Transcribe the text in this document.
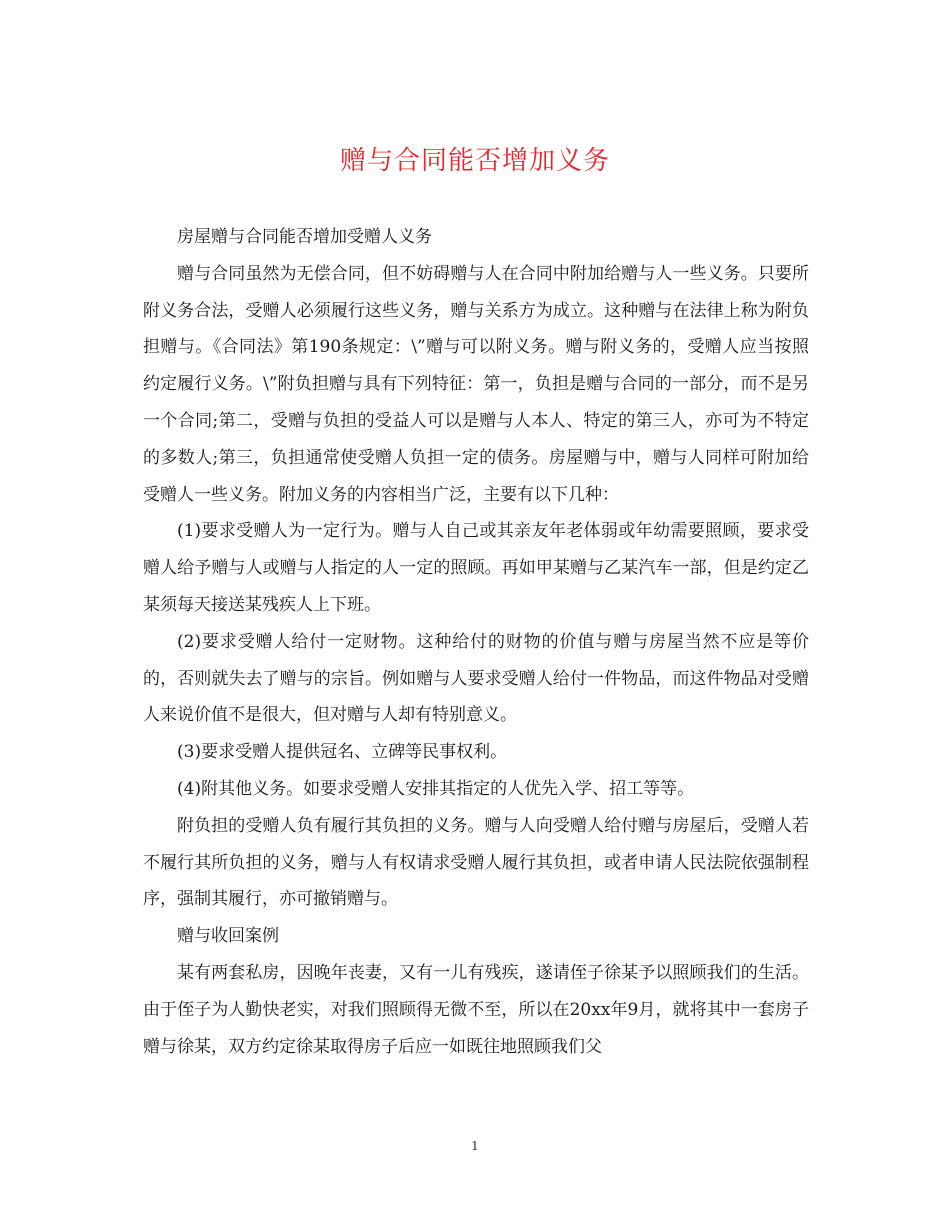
赠与合同能否增加义务

房屋赠与合同能否增加受赠人义务

赠与合同虽然为无偿合同，但不妨碍赠与人在合同中附加给赠与人一些义务。只要所附义务合法，受赠人必须履行这些义务，赠与关系方为成立。这种赠与在法律上称为附负担赠与。《合同法》第190条规定：\”赠与可以附义务。赠与附义务的，受赠人应当按照约定履行义务。\”附负担赠与具有下列特征：第一，负担是赠与合同的一部分，而不是另一个合同;第二，受赠与负担的受益人可以是赠与人本人、特定的第三人，亦可为不特定的多数人;第三，负担通常使受赠人负担一定的债务。房屋赠与中，赠与人同样可附加给受赠人一些义务。附加义务的内容相当广泛，主要有以下几种：

(1)要求受赠人为一定行为。赠与人自己或其亲友年老体弱或年幼需要照顾，要求受赠人给予赠与人或赠与人指定的人一定的照顾。再如甲某赠与乙某汽车一部，但是约定乙某须每天接送某残疾人上下班。

(2)要求受赠人给付一定财物。这种给付的财物的价值与赠与房屋当然不应是等价的，否则就失去了赠与的宗旨。例如赠与人要求受赠人给付一件物品，而这件物品对受赠人来说价值不是很大，但对赠与人却有特别意义。

(3)要求受赠人提供冠名、立碑等民事权利。

(4)附其他义务。如要求受赠人安排其指定的人优先入学、招工等等。

附负担的受赠人负有履行其负担的义务。赠与人向受赠人给付赠与房屋后，受赠人若不履行其所负担的义务，赠与人有权请求受赠人履行其负担，或者申请人民法院依强制程序，强制其履行，亦可撤销赠与。

赠与收回案例

某有两套私房，因晚年丧妻，又有一儿有残疾，遂请侄子徐某予以照顾我们的生活。由于侄子为人勤快老实，对我们照顾得无微不至，所以在20xx年9月，就将其中一套房子赠与徐某，双方约定徐某取得房子后应一如既往地照顾我们父

1
